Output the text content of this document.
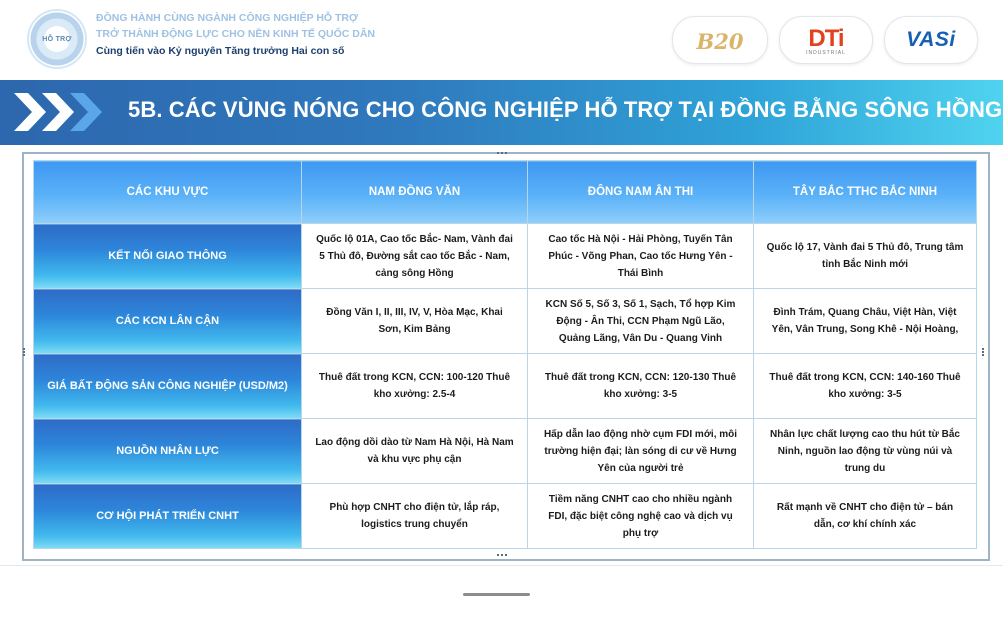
HỖ TRỢ
ĐỒNG HÀNH CÙNG NGÀNH CÔNG NGHIỆP HỖ TRỢ
TRỞ THÀNH ĐỘNG LỰC CHO NỀN KINH TẾ QUỐC DÂN
Cùng tiến vào Kỷ nguyên Tăng trưởng Hai con số	B20	DTi
INDUSTRIAL
VASi
5B. CÁC VÙNG NÓNG CHO CÔNG NGHIỆP HỖ TRỢ TẠI ĐỒNG BẰNG SÔNG HỒNG
CÁC KHU VỰC	NAM ĐỒNG VĂN	ĐÔNG NAM ÂN THI	TÂY BẮC TTHC BẮC NINH
KẾT NỐI GIAO THÔNG	Quốc lộ 01A, Cao tốc Bắc- Nam, Vành đai 5 Thủ đô, Đường sắt cao tốc Bắc - Nam, cảng sông Hồng	Cao tốc Hà Nội - Hải Phòng, Tuyến Tân Phúc - Võng Phan, Cao tốc Hưng Yên - Thái Bình	Quốc lộ 17, Vành đai 5 Thủ đô, Trung tâm tỉnh Bắc Ninh mới
CÁC KCN LÂN CẬN	Đồng Văn I, II, III, IV, V, Hòa Mạc, Khai Sơn, Kim Bảng	KCN Số 5, Số 3, Số 1, Sạch, Tổ hợp Kim Động - Ân Thi, CCN Phạm Ngũ Lão, Quảng Lãng, Vân Du - Quang Vinh	Đình Trám, Quang Châu, Việt Hàn, Việt Yên, Vân Trung, Song Khê - Nội Hoàng,
GIÁ BẤT ĐỘNG SẢN CÔNG NGHIỆP (USD/M2)	Thuê đất trong KCN, CCN: 100-120 Thuê kho xưởng: 2.5-4	Thuê đất trong KCN, CCN: 120-130 Thuê kho xưởng: 3-5	Thuê đất trong KCN, CCN: 140-160 Thuê kho xưởng: 3-5
NGUỒN NHÂN LỰC	Lao động dồi dào từ Nam Hà Nội, Hà Nam và khu vực phụ cận	Hấp dẫn lao động nhờ cụm FDI mới, môi trường hiện đại; làn sóng di cư về Hưng Yên của người trẻ	Nhân lực chất lượng cao thu hút từ Bắc Ninh, nguồn lao động từ vùng núi và trung du
CƠ HỘI PHÁT TRIỂN CNHT	Phù hợp CNHT cho điện tử, lắp ráp, logistics trung chuyển	Tiềm năng CNHT cao cho nhiều ngành FDI, đặc biệt công nghệ cao và dịch vụ phụ trợ	Rất mạnh về CNHT cho điện tử – bán dẫn, cơ khí chính xác
